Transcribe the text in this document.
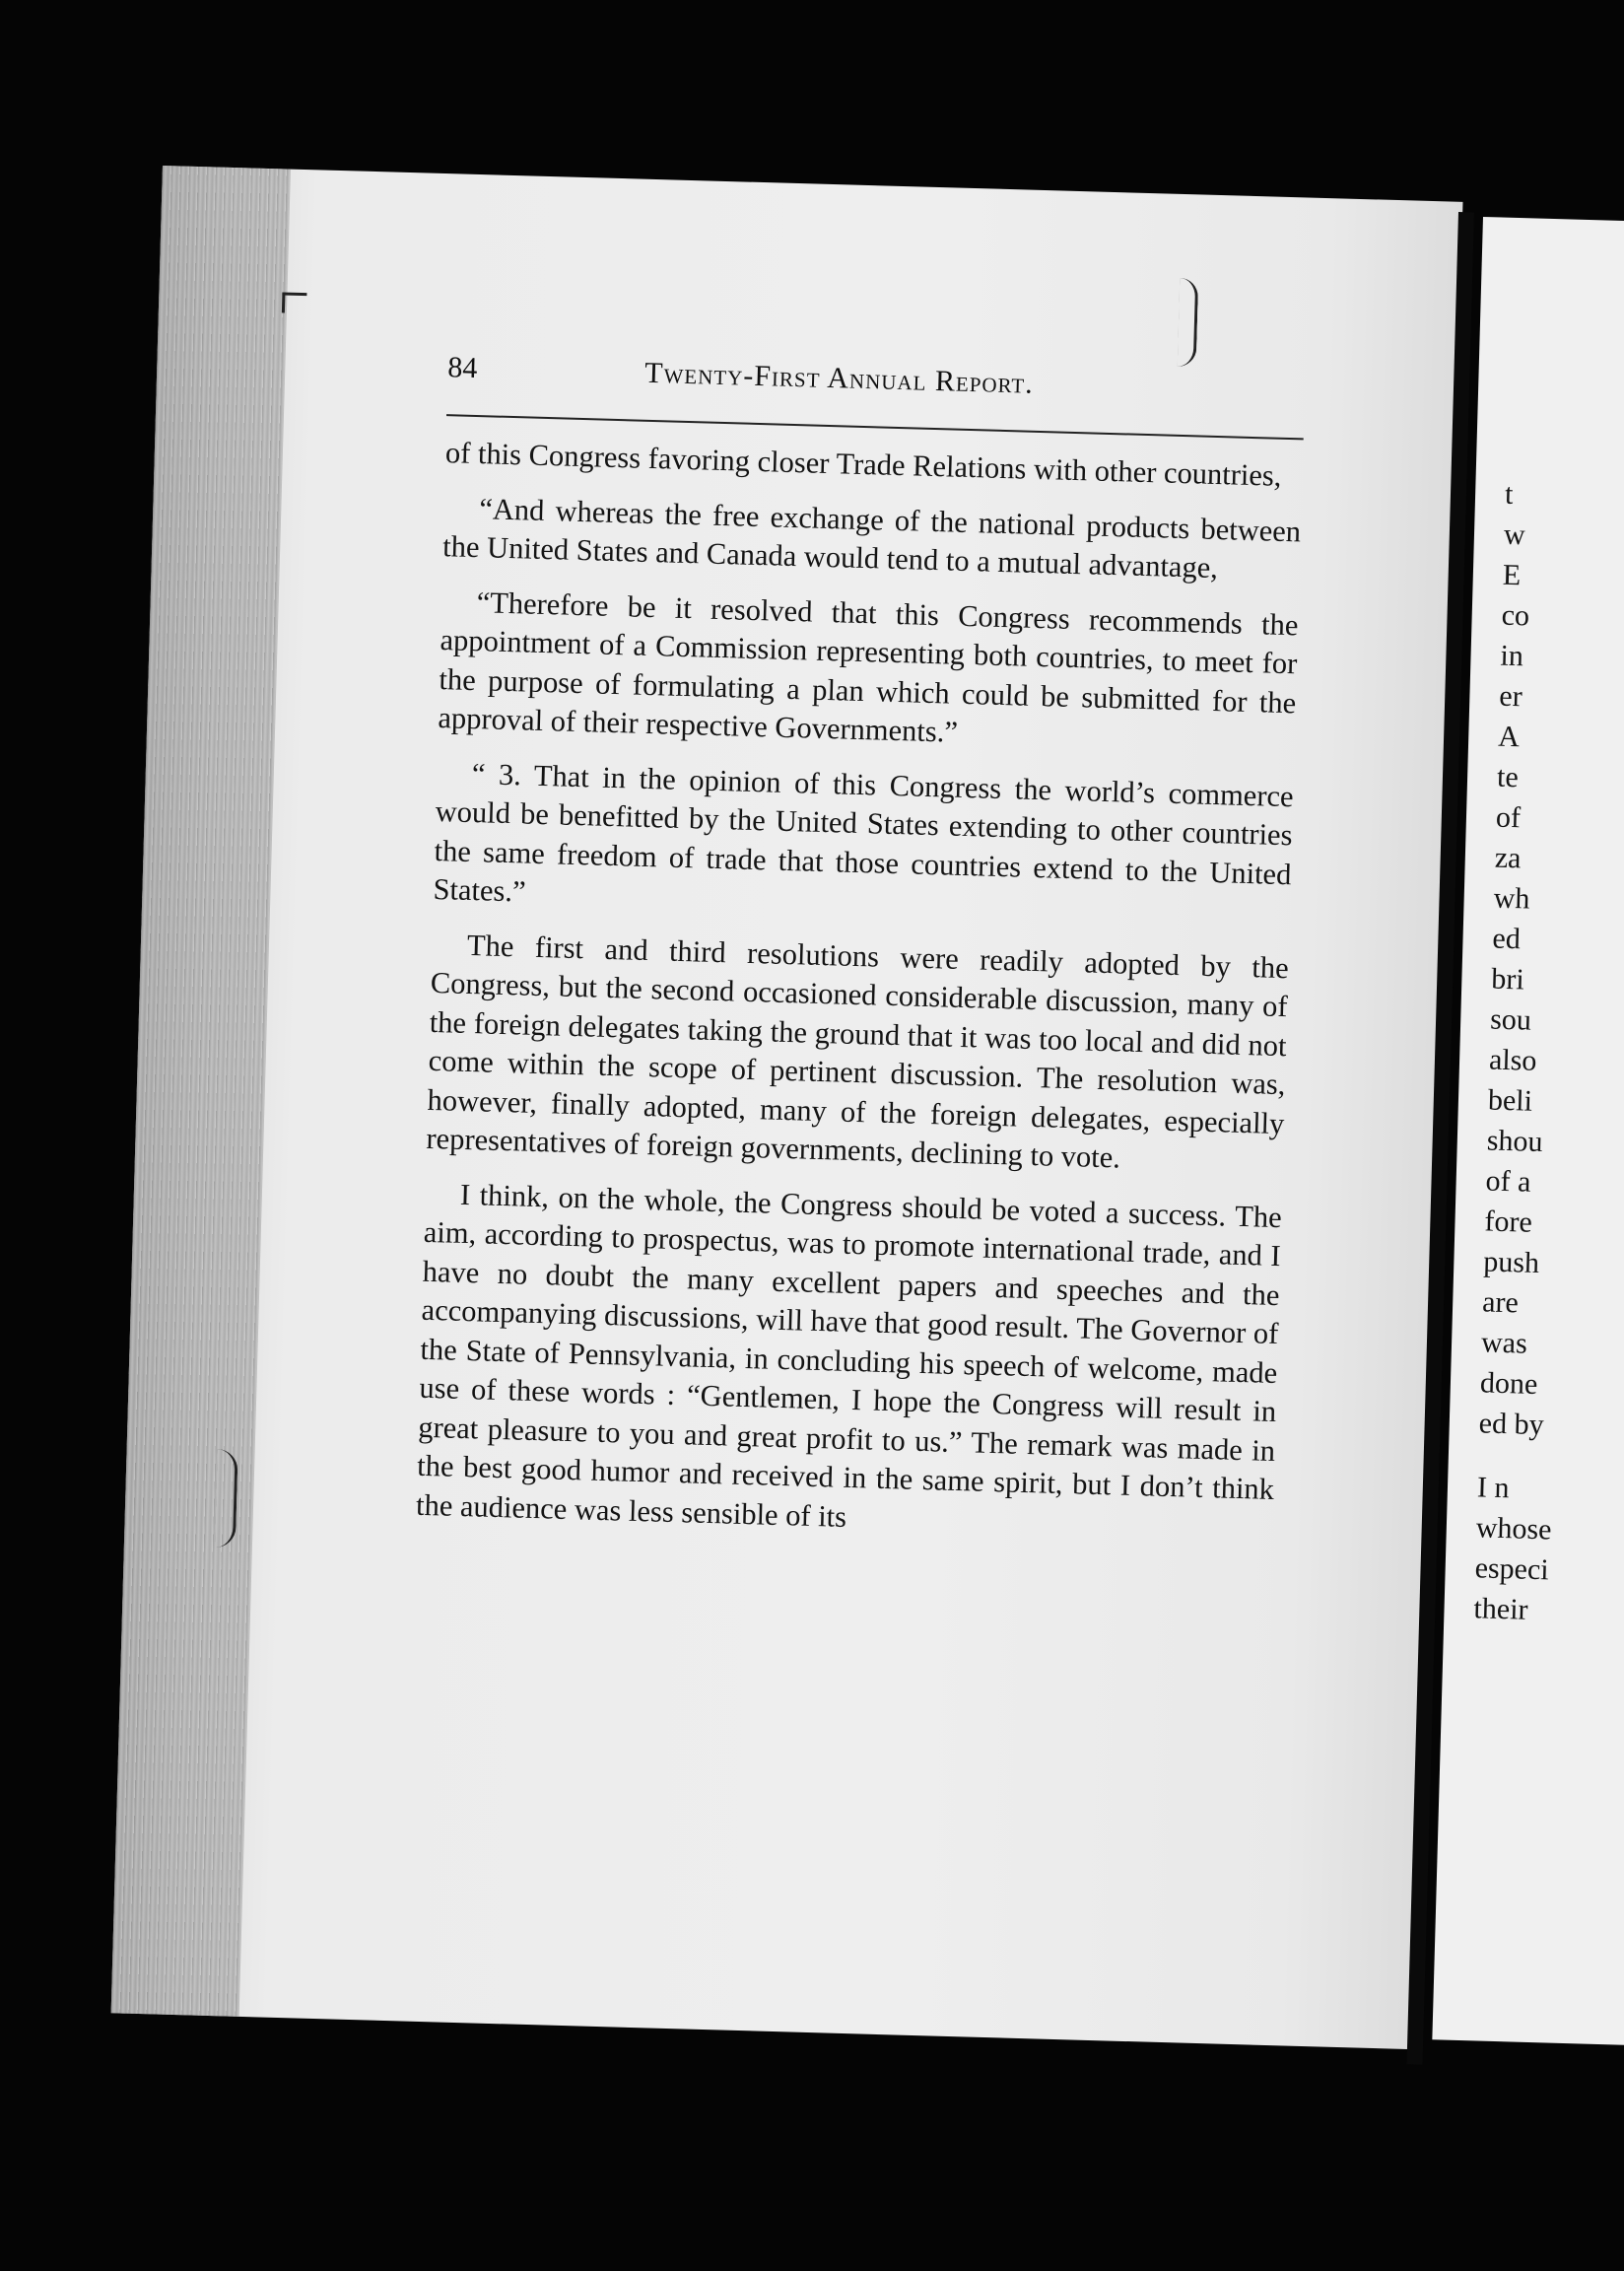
84	Twenty-First Annual Report.

of this Congress favoring closer Trade Relations with other countries,

“And whereas the free exchange of the national products between the United States and Canada would tend to a mutual advantage,

“Therefore be it resolved that this Congress recommends the appointment of a Commission representing both countries, to meet for the purpose of formulating a plan which could be submitted for the approval of their respective Governments.”

“ 3. That in the opinion of this Congress the world’s commerce would be benefitted by the United States extending to other countries the same freedom of trade that those countries extend to the United States.”

The first and third resolutions were readily adopted by the Congress, but the second occasioned considerable discussion, many of the foreign delegates taking the ground that it was too local and did not come within the scope of pertinent discussion. The resolution was, however, finally adopted, many of the foreign delegates, especially representatives of foreign governments, declining to vote.

I think, on the whole, the Congress should be voted a success. The aim, according to prospectus, was to promote international trade, and I have no doubt the many excellent papers and speeches and the accompanying discussions, will have that good result. The Governor of the State of Pennsylvania, in concluding his speech of welcome, made use of these words : “Gentlemen, I hope the Congress will result in great pleasure to you and great profit to us.” The remark was made in the best good humor and received in the same spirit, but I don’t think the audience was less sensible of its

t
w
E
co
in
er
A
te
of
za
wh
ed
bri
sou
also
beli
shou
of a
fore
push
are
was
done
ed by
I n
whose
especi
their
